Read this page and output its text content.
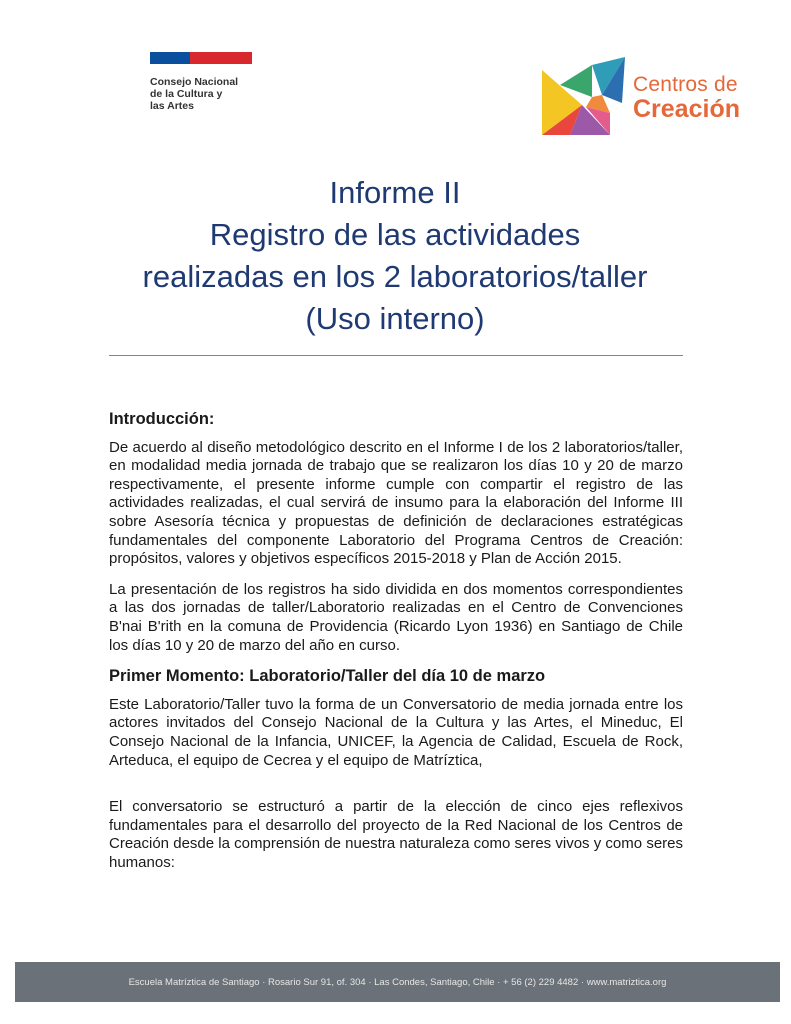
Consejo Nacional
de la Cultura y
las Artes
Centros de
Creación
Informe II
Registro de las actividades
realizadas en los 2 laboratorios/taller
(Uso interno)
Introducción:

De acuerdo al diseño metodológico descrito en el Informe I de los 2 laboratorios/taller, en modalidad media jornada de trabajo que se realizaron los días 10 y 20 de marzo respectivamente, el presente informe cumple con compartir el registro de las actividades realizadas, el cual servirá de insumo para la elaboración del Informe III sobre Asesoría técnica y propuestas de definición de declaraciones estratégicas fundamentales del componente Laboratorio del Programa Centros de Creación: propósitos, valores y objetivos específicos 2015-2018 y Plan de Acción 2015.

La presentación de los registros ha sido dividida en dos momentos correspondientes a las dos jornadas de taller/Laboratorio realizadas en el Centro de Convenciones B'nai B'rith en la comuna de Providencia (Ricardo Lyon 1936) en Santiago de Chile los días 10 y 20 de marzo del año en curso.

Primer Momento: Laboratorio/Taller del día 10 de marzo

Este Laboratorio/Taller tuvo la forma de un Conversatorio de media jornada entre los actores invitados del Consejo Nacional de la Cultura y las Artes, el Mineduc, El Consejo Nacional de la Infancia, UNICEF, la Agencia de Calidad, Escuela de Rock, Arteduca, el equipo de Cecrea y el equipo de Matríztica,

El conversatorio se estructuró a partir de la elección de cinco ejes reflexivos fundamentales para el desarrollo del proyecto de la Red Nacional de los Centros de Creación desde la comprensión de nuestra naturaleza como seres vivos y como seres humanos:

Escuela Matríztica de Santiago · Rosario Sur 91, of. 304 · Las Condes, Santiago, Chile · + 56 (2) 229 4482 · www.matriztica.org
